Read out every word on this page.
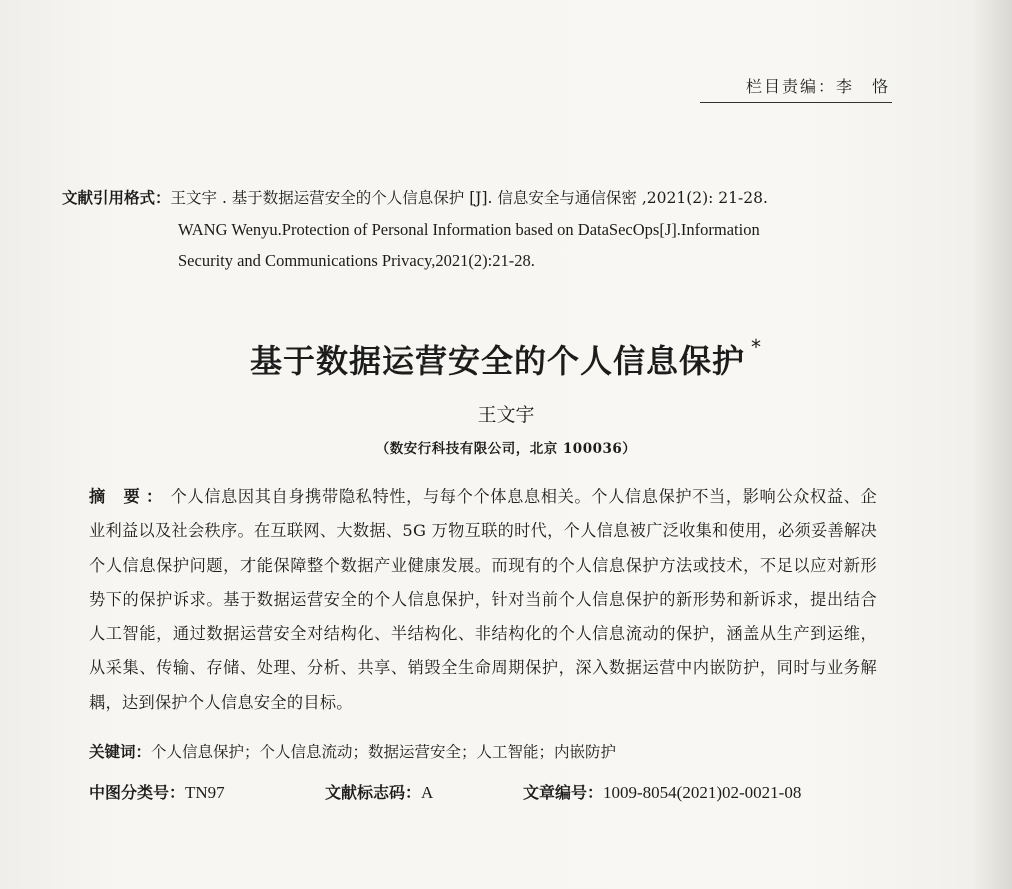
栏目责编：李　恪
文献引用格式：王文宇 . 基于数据运营安全的个人信息保护 [J]. 信息安全与通信保密 ,2021(2): 21-28.
WANG Wenyu.Protection of Personal Information based on DataSecOps[J].Information
Security and Communications Privacy,2021(2):21-28.
基于数据运营安全的个人信息保护 *
王文宇
（数安行科技有限公司，北京 100036）
摘 要： 个人信息因其自身携带隐私特性，与每个个体息息相关。个人信息保护不当，影响公众权益、企业利益以及社会秩序。在互联网、大数据、5G 万物互联的时代，个人信息被广泛收集和使用，必须妥善解决个人信息保护问题，才能保障整个数据产业健康发展。而现有的个人信息保护方法或技术，不足以应对新形势下的保护诉求。基于数据运营安全的个人信息保护，针对当前个人信息保护的新形势和新诉求，提出结合人工智能，通过数据运营安全对结构化、半结构化、非结构化的个人信息流动的保护，涵盖从生产到运维，从采集、传输、存储、处理、分析、共享、销毁全生命周期保护，深入数据运营中内嵌防护，同时与业务解耦，达到保护个人信息安全的目标。
关键词：个人信息保护；个人信息流动；数据运营安全；人工智能；内嵌防护
中图分类号：TN97	文献标志码：A	文章编号：1009-8054(2021)02-0021-08
